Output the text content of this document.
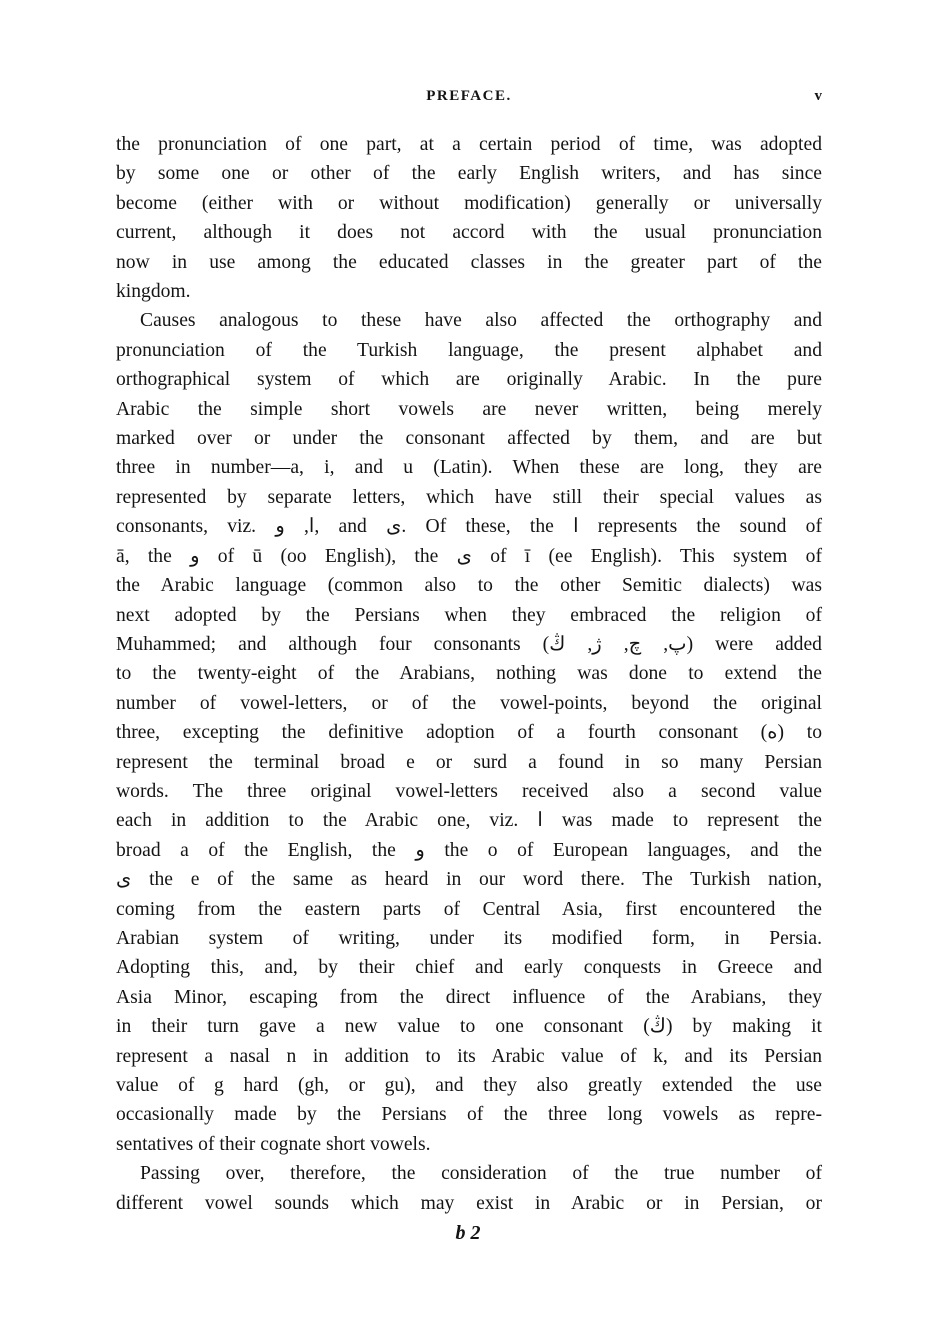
PREFACE.	v
the pronunciation of one part, at a certain period of time, was adopted
by some one or other of the early English writers, and has since
become (either with or without modification) generally or universally
current, although it does not accord with the usual pronunciation
now in use among the educated classes in the greater part of the
kingdom.
Causes analogous to these have also affected the orthography and
pronunciation of the Turkish language, the present alphabet and
orthographical system of which are originally Arabic. In the pure
Arabic the simple short vowels are never written, being merely
marked over or under the consonant affected by them, and are but
three in number—a, i, and u (Latin). When these are long, they are
represented by separate letters, which have still their special values as
consonants, viz. ا, و, and ى. Of these, the ا represents the sound of
ā, the و of ū (oo English), the ى of ī (ee English). This system of
the Arabic language (common also to the other Semitic dialects) was
next adopted by the Persians when they embraced the religion of
Muhammed; and although four consonants (پ, چ, ژ, ڭ) were added
to the twenty-eight of the Arabians, nothing was done to extend the
number of vowel-letters, or of the vowel-points, beyond the original
three, excepting the definitive adoption of a fourth consonant (ه) to
represent the terminal broad e or surd a found in so many Persian
words. The three original vowel-letters received also a second value
each in addition to the Arabic one, viz. ا was made to represent the
broad a of the English, the و the o of European languages, and the
ى the e of the same as heard in our word there. The Turkish nation,
coming from the eastern parts of Central Asia, first encountered the
Arabian system of writing, under its modified form, in Persia.
Adopting this, and, by their chief and early conquests in Greece and
Asia Minor, escaping from the direct influence of the Arabians, they
in their turn gave a new value to one consonant (ڭ) by making it
represent a nasal n in addition to its Arabic value of k, and its Persian
value of g hard (gh, or gu), and they also greatly extended the use
occasionally made by the Persians of the three long vowels as repre-
sentatives of their cognate short vowels.
Passing over, therefore, the consideration of the true number of
different vowel sounds which may exist in Arabic or in Persian, or
b 2
